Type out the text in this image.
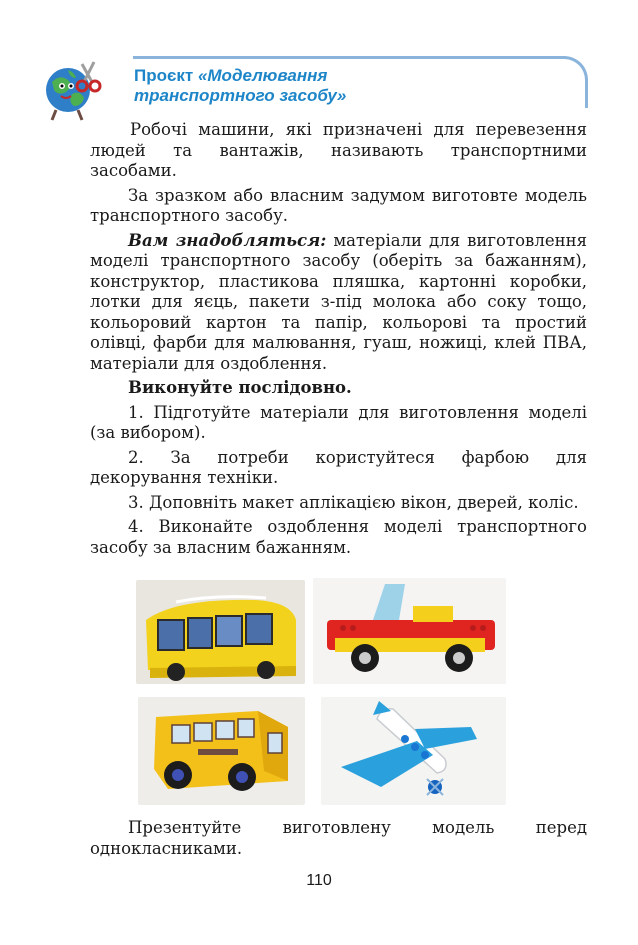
Проєкт «Моделювання транспортного засобу»

Робочі машини, які призначені для перевезення людей та вантажів, називають транспортними засобами.

За зразком або власним задумом виготовте модель транспортного засобу.

Вам знадобляться: матеріали для виготовлення моделі транспортного засобу (оберіть за бажанням), конструктор, пластикова пляшка, картонні коробки, лотки для яєць, пакети з-під молока або соку тощо, кольоровий картон та папір, кольорові та простий олівці, фарби для малювання, гуаш, ножиці, клей ПВА, матеріали для оздоблення.

Виконуйте послідовно.

1. Підготуйте матеріали для виготовлення моделі (за вибором).

2. За потреби користуйтеся фарбою для декорування техніки.

3. Доповніть макет аплікацією вікон, дверей, коліс.

4. Виконайте оздоблення моделі транспортного засобу за власним бажанням.

Презентуйте виготовлену модель перед однокласниками.

110
